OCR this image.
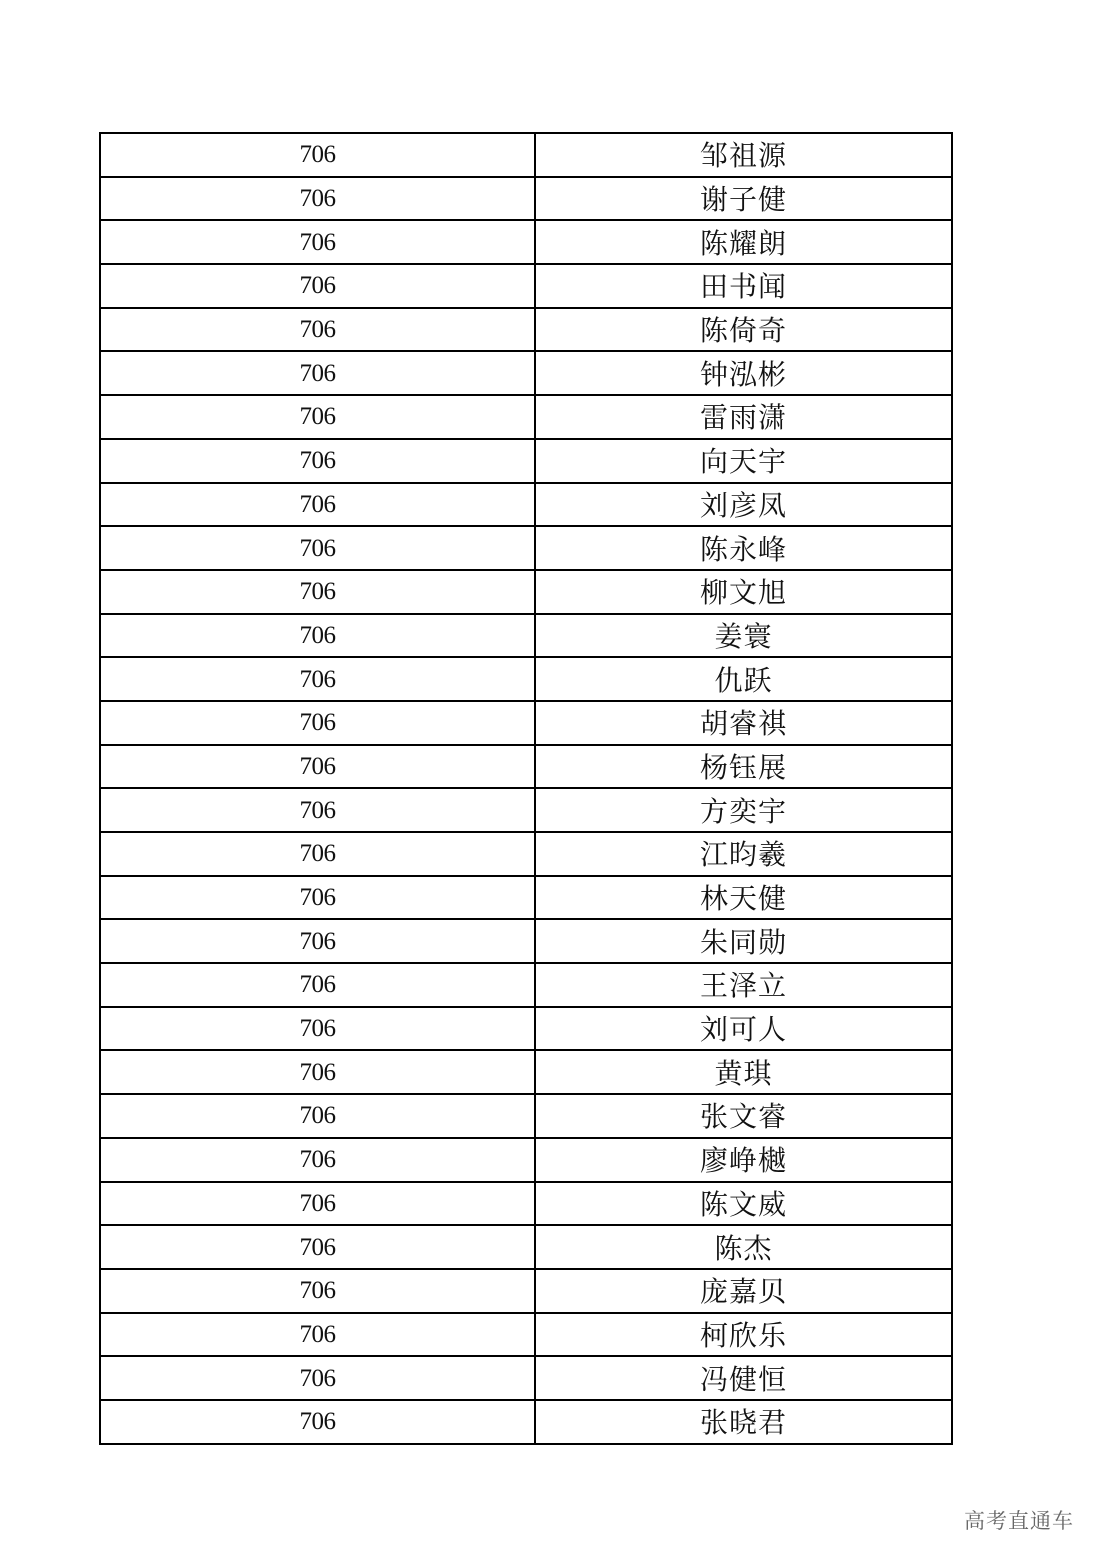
706	邹祖源
706	谢子健
706	陈耀朗
706	田书闻
706	陈倚奇
706	钟泓彬
706	雷雨潇
706	向天宇
706	刘彦凤
706	陈永峰
706	柳文旭
706	姜寰
706	仇跃
706	胡睿祺
706	杨钰展
706	方奕宇
706	江昀羲
706	林天健
706	朱同勋
706	王泽立
706	刘可人
706	黄琪
706	张文睿
706	廖峥樾
706	陈文威
706	陈杰
706	庞嘉贝
706	柯欣乐
706	冯健恒
706	张晓君
高考直通车
